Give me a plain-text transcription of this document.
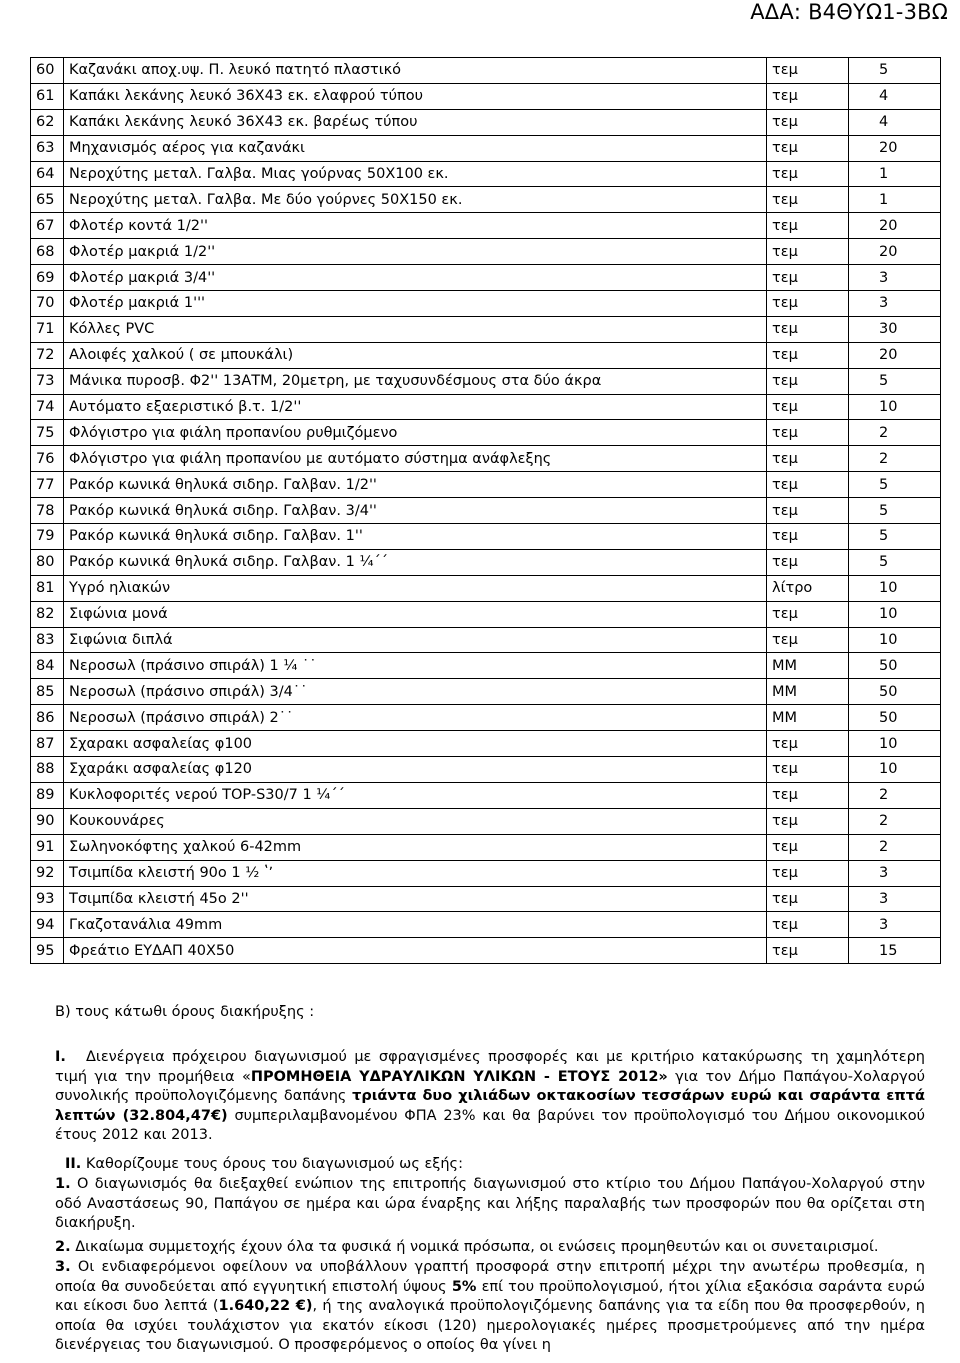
ΑΔΑ: Β4ΘΥΩ1-3ΒΩ
60	Καζανάκι αποχ.υψ. Π. λευκό πατητό πλαστικό	τεμ	5
61	Καπάκι λεκάνης λευκό 36Χ43 εκ. ελαφρού τύπου	τεμ	4
62	Καπάκι λεκάνης λευκό 36Χ43 εκ. βαρέως τύπου	τεμ	4
63	Μηχανισμός αέρος για καζανάκι	τεμ	20
64	Νεροχύτης μεταλ. Γαλβα. Μιας γούρνας 50Χ100 εκ.	τεμ	1
65	Νεροχύτης μεταλ. Γαλβα. Με δύο γούρνες 50Χ150 εκ.	τεμ	1
67	Φλοτέρ κοντά 1/2''	τεμ	20
68	Φλοτέρ μακριά 1/2''	τεμ	20
69	Φλοτέρ μακριά 3/4''	τεμ	3
70	Φλοτέρ μακριά 1'''	τεμ	3
71	Κόλλες PVC	τεμ	30
72	Αλοιφές χαλκού ( σε μπουκάλι)	τεμ	20
73	Μάνικα πυροσβ. Φ2'' 13ΑΤΜ, 20μετρη, με ταχυσυνδέσμους στα δύο άκρα	τεμ	5
74	Αυτόματο εξαεριστικό β.τ. 1/2''	τεμ	10
75	Φλόγιστρο για φιάλη προπανίου ρυθμιζόμενο	τεμ	2
76	Φλόγιστρο για φιάλη προπανίου με αυτόματο σύστημα ανάφλεξης	τεμ	2
77	Ρακόρ κωνικά θηλυκά σιδηρ. Γαλβαν. 1/2''	τεμ	5
78	Ρακόρ κωνικά θηλυκά σιδηρ. Γαλβαν. 3/4''	τεμ	5
79	Ρακόρ κωνικά θηλυκά σιδηρ. Γαλβαν. 1''	τεμ	5
80	Ρακόρ κωνικά θηλυκά σιδηρ. Γαλβαν. 1 ¼΄΄	τεμ	5
81	Υγρό ηλιακών	λίτρο	10
82	Σιφώνια μονά	τεμ	10
83	Σιφώνια διπλά	τεμ	10
84	Νεροσωλ (πράσινο σπιράλ) 1 ¼ ˙˙	ΜΜ	50
85	Νεροσωλ (πράσινο σπιράλ) 3/4˙˙	ΜΜ	50
86	Νεροσωλ (πράσινο σπιράλ) 2˙˙	ΜΜ	50
87	Σχαρακι ασφαλείας φ100	τεμ	10
88	Σχαράκι ασφαλείας φ120	τεμ	10
89	Κυκλοφοριτές νερού TOP-S30/7 1 ¼΄΄	τεμ	2
90	Κουκουνάρες	τεμ	2
91	Σωληνοκόφτης χαλκού 6-42mm	τεμ	2
92	Τσιμπίδα κλειστή 90ο 1 ½ ʽʼ	τεμ	3
93	Τσιμπίδα κλειστή 45ο 2''	τεμ	3
94	Γκαζοτανάλια 49mm	τεμ	3
95	Φρεάτιο ΕΥΔΑΠ 40Χ50	τεμ	15
Β) τους κάτωθι όρους διακήρυξης :
Ι. Διενέργεια πρόχειρου διαγωνισμού με σφραγισμένες προσφορές και με κριτήριο κατακύρωσης τη χαμηλότερη τιμή για την προμήθεια «ΠΡΟΜΗΘΕΙΑ ΥΔΡΑΥΛΙΚΩΝ ΥΛΙΚΩΝ - ΕΤΟΥΣ 2012» για τον Δήμο Παπάγου-Χολαργού συνολικής προϋπολογιζόμενης δαπάνης τριάντα δυο χιλιάδων οκτακοσίων τεσσάρων ευρώ και σαράντα επτά λεπτών (32.804,47€) συμπεριλαμβανομένου ΦΠΑ 23% και θα βαρύνει τον προϋπολογισμό του Δήμου οικονομικού έτους 2012 και 2013.
ΙΙ. Καθορίζουμε τους όρους του διαγωνισμού ως εξής:
1. Ο διαγωνισμός θα διεξαχθεί ενώπιον της επιτροπής διαγωνισμού στο κτίριο του Δήμου Παπάγου-Χολαργού στην οδό Αναστάσεως 90, Παπάγου σε ημέρα και ώρα έναρξης και λήξης παραλαβής των προσφορών που θα ορίζεται στη διακήρυξη.
2. Δικαίωμα συμμετοχής έχουν όλα τα φυσικά ή νομικά πρόσωπα, οι ενώσεις προμηθευτών και οι συνεταιρισμοί.
3. Οι ενδιαφερόμενοι οφείλουν να υποβάλλουν γραπτή προσφορά στην επιτροπή μέχρι την ανωτέρω προθεσμία, η οποία θα συνοδεύεται από εγγυητική επιστολή ύψους 5% επί του προϋπολογισμού, ήτοι χίλια εξακόσια σαράντα ευρώ και είκοσι δυο λεπτά (1.640,22 €), ή της αναλογικά προϋπολογιζόμενης δαπάνης για τα είδη που θα προσφερθούν, η οποία θα ισχύει τουλάχιστον για εκατόν είκοσι (120) ημερολογιακές ημέρες προσμετρούμενες από την ημέρα διενέργειας του διαγωνισμού. Ο προσφερόμενος ο οποίος θα γίνει η
